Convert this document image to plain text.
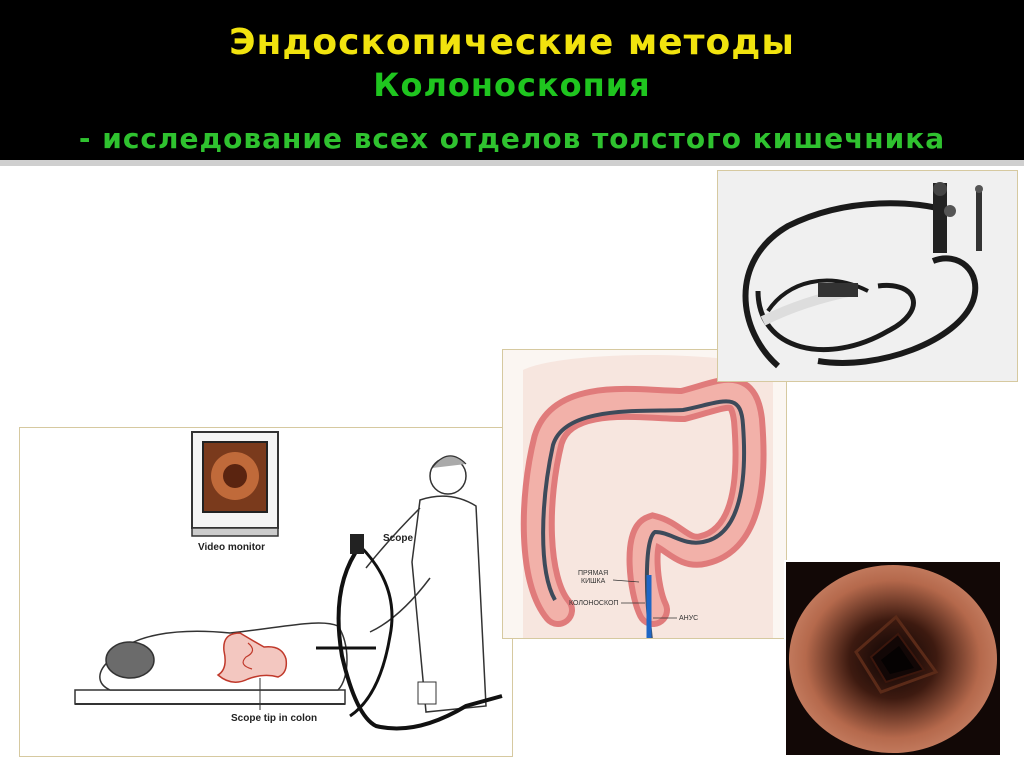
Эндоскопические методы
Колоноскопия
- исследование всех отделов толстого кишечника
Video monitor
Scope
Scope tip in colon
ПРЯМАЯ
КИШКА
КОЛОНОСКОП
АНУС
